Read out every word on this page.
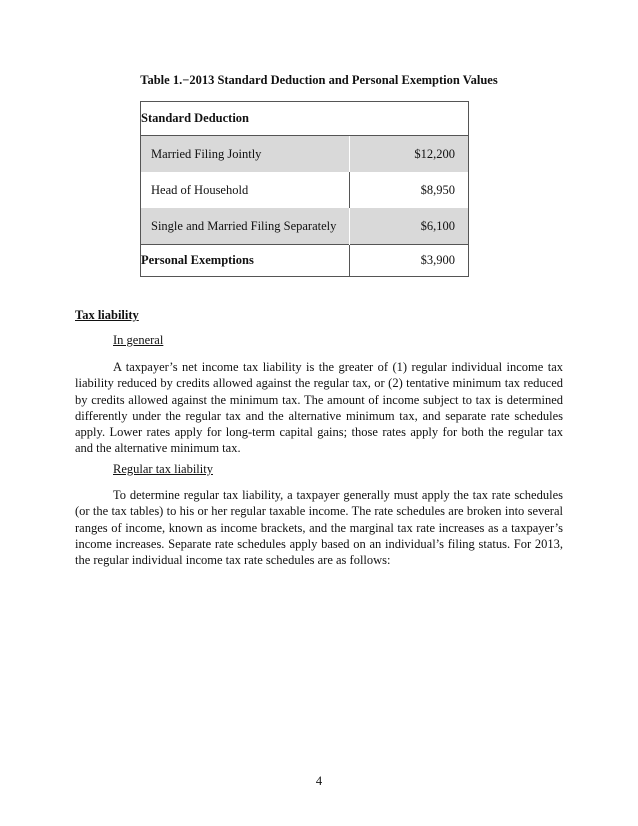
Table 1.−2013 Standard Deduction and Personal Exemption Values
Standard Deduction	
Married Filing Jointly	$12,200
Head of Household	$8,950
Single and Married Filing Separately	$6,100
Personal Exemptions	$3,900
Tax liability
In general
A taxpayer’s net income tax liability is the greater of (1) regular individual income tax liability reduced by credits allowed against the regular tax, or (2) tentative minimum tax reduced by credits allowed against the minimum tax. The amount of income subject to tax is determined differently under the regular tax and the alternative minimum tax, and separate rate schedules apply. Lower rates apply for long-term capital gains; those rates apply for both the regular tax and the alternative minimum tax.
Regular tax liability
To determine regular tax liability, a taxpayer generally must apply the tax rate schedules (or the tax tables) to his or her regular taxable income. The rate schedules are broken into several ranges of income, known as income brackets, and the marginal tax rate increases as a taxpayer’s income increases. Separate rate schedules apply based on an individual’s filing status. For 2013, the regular individual income tax rate schedules are as follows:
4
